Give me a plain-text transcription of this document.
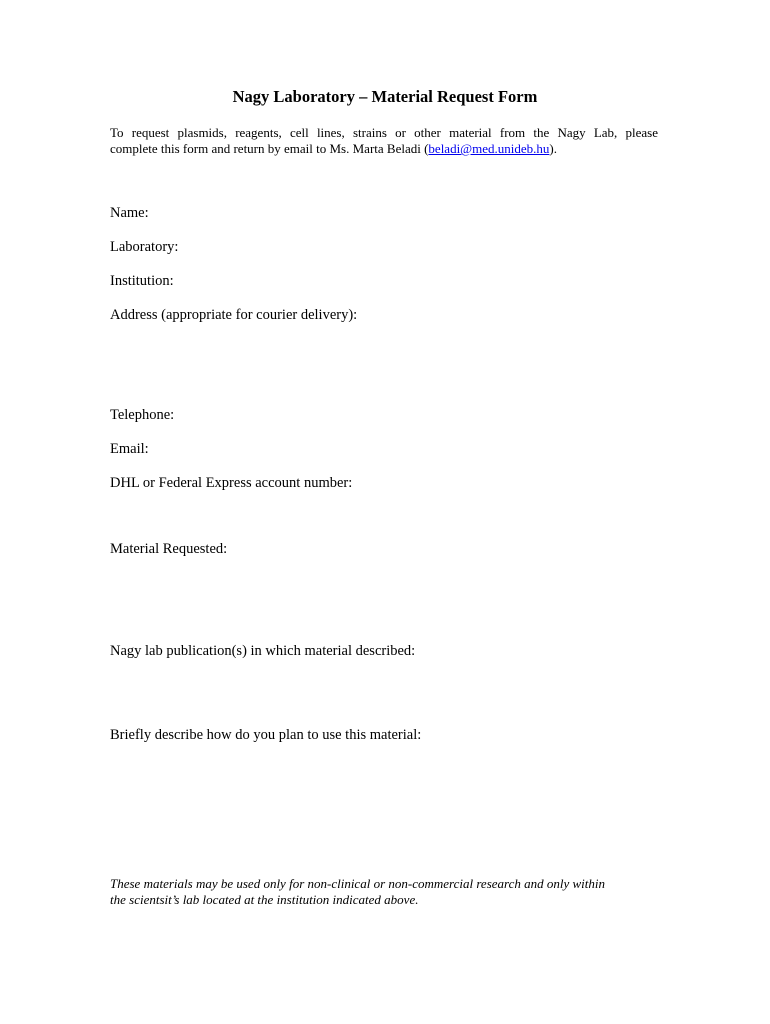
Nagy Laboratory – Material Request Form
To request plasmids, reagents, cell lines, strains or other material from the Nagy Lab, please
complete this form and return by email to Ms. Marta Beladi (beladi@med.unideb.hu).
Name:
Laboratory:
Institution:
Address (appropriate for courier delivery):
Telephone:
Email:
DHL or Federal Express account number:
Material Requested:
Nagy lab publication(s) in which material described:
Briefly describe how do you plan to use this material:
These materials may be used only for non-clinical or non-commercial research and only within
the scientsit’s lab located at the institution indicated above.
